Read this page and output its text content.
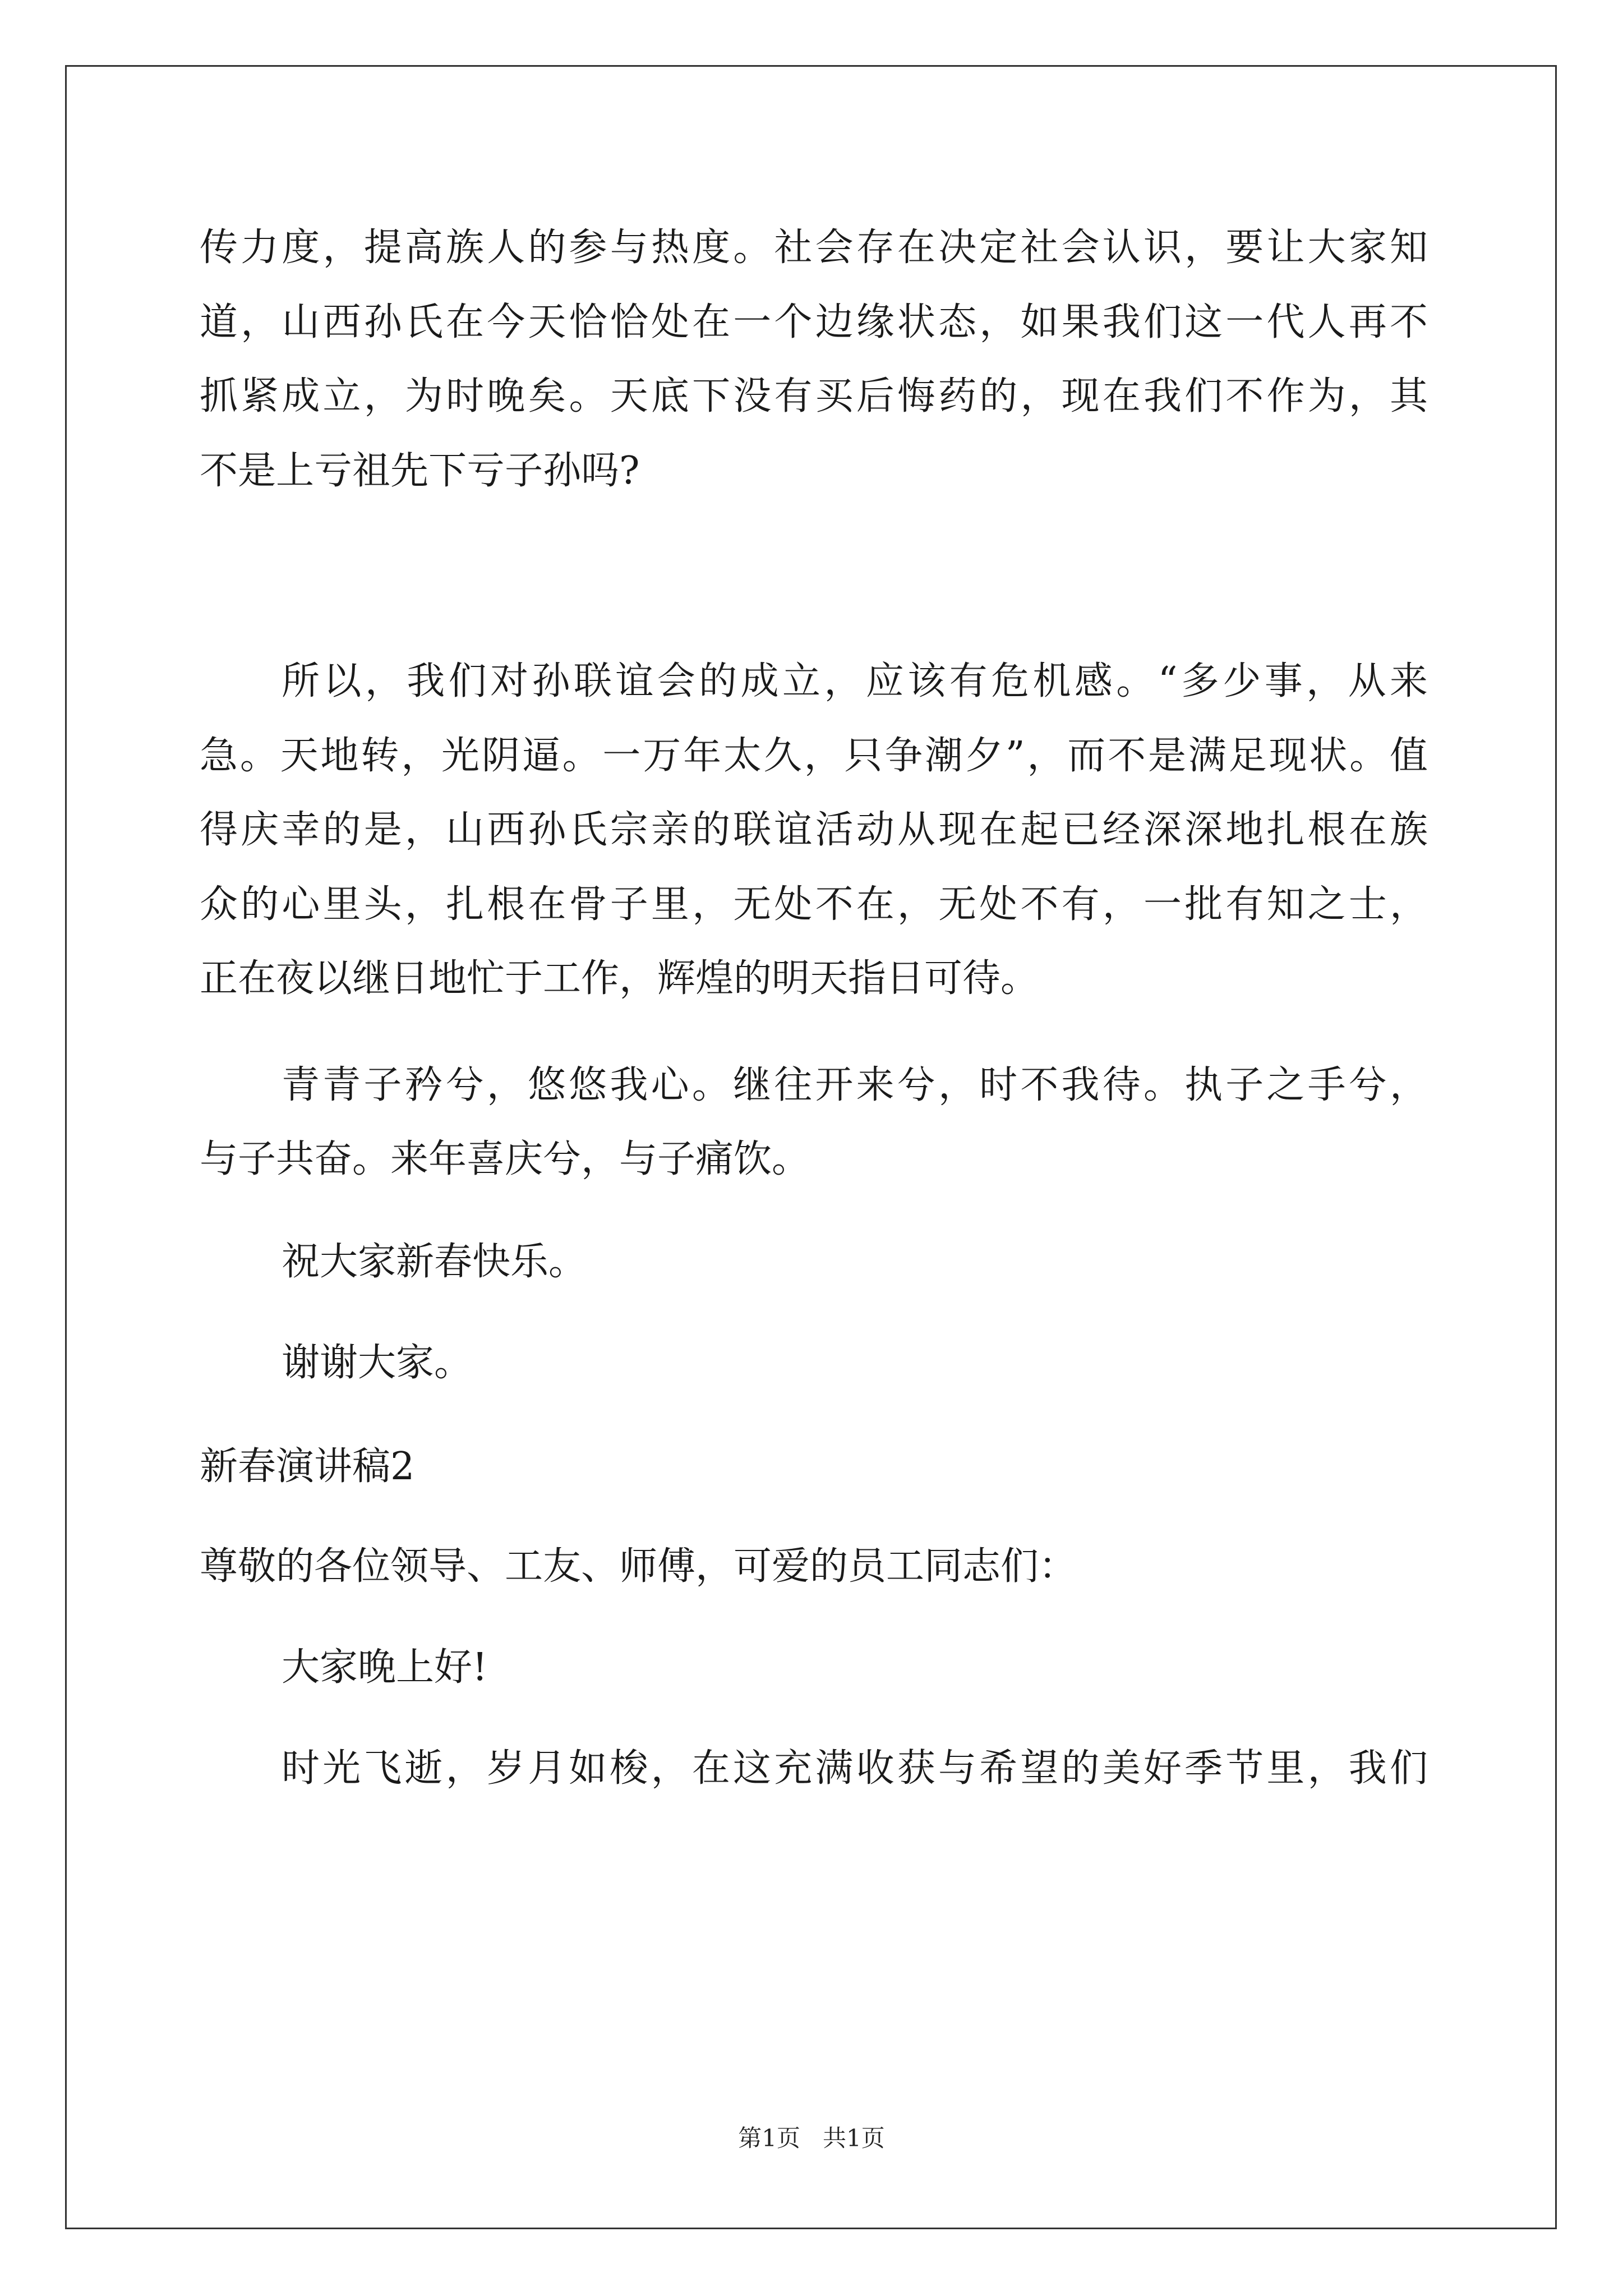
传力度，提高族人的参与热度。社会存在决定社会认识，要让大家知
道，山西孙氏在今天恰恰处在一个边缘状态，如果我们这一代人再不
抓紧成立，为时晚矣。天底下没有买后悔药的，现在我们不作为，其
不是上亏祖先下亏子孙吗?
所以，我们对孙联谊会的成立，应该有危机感。“多少事，从来
急。天地转，光阴逼。一万年太久，只争潮夕”，而不是满足现状。值
得庆幸的是，山西孙氏宗亲的联谊活动从现在起已经深深地扎根在族
众的心里头，扎根在骨子里，无处不在，无处不有，一批有知之士，
正在夜以继日地忙于工作，辉煌的明天指日可待。
青青子矜兮，悠悠我心。继往开来兮，时不我待。执子之手兮，
与子共奋。来年喜庆兮，与子痛饮。
祝大家新春快乐。
谢谢大家。
新春演讲稿2
尊敬的各位领导、工友、师傅，可爱的员工同志们：
大家晚上好!
时光飞逝，岁月如梭，在这充满收获与希望的美好季节里，我们
第1页 共1页
